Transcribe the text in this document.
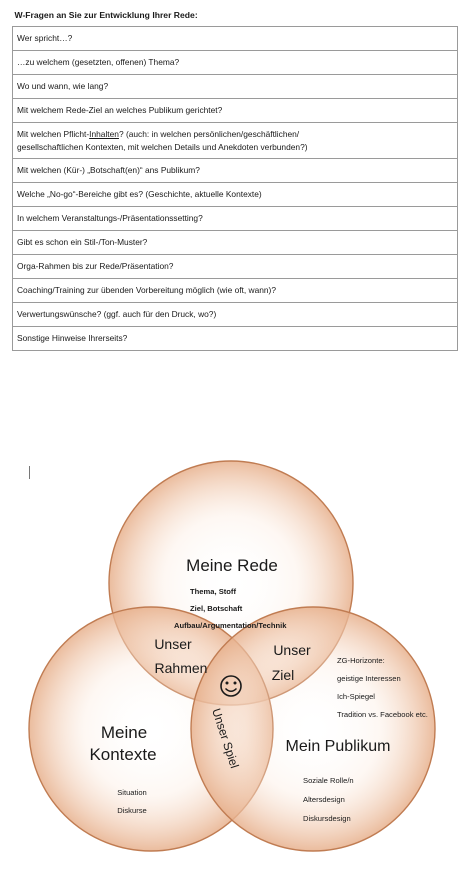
W-Fragen an Sie zur Entwicklung Ihrer Rede:
Wer spricht…?
…zu welchem (gesetzten, offenen) Thema?
Wo und wann, wie lang?
Mit welchem Rede-Ziel an welches Publikum gerichtet?
Mit welchen Pflicht-Inhalten? (auch: in welchen persönlichen/geschäftlichen/
gesellschaftlichen Kontexten, mit welchen Details und Anekdoten verbunden?)
Mit welchen (Kür-) „Botschaft(en)“ ans Publikum?
Welche „No-go“-Bereiche gibt es? (Geschichte, aktuelle Kontexte)
In welchem Veranstaltungs-/Präsentationssetting?
Gibt es schon ein Stil-/Ton-Muster?
Orga-Rahmen bis zur Rede/Präsentation?
Coaching/Training zur übenden Vorbereitung möglich (wie oft, wann)?
Verwertungswünsche? (ggf. auch für den Druck, wo?)
Sonstige Hinweise Ihrerseits?
Meine Rede
Thema, Stoff
Ziel, Botschaft
Aufbau/Argumentation/Technik
Unser
Rahmen
Unser
Ziel
Unser Spiel
Meine
Kontexte
Situation
Diskurse
ZG-Horizonte:
geistige Interessen
Ich-Spiegel
Tradition vs. Facebook etc.
Mein Publikum
Soziale Rolle/n
Altersdesign
Diskursdesign
